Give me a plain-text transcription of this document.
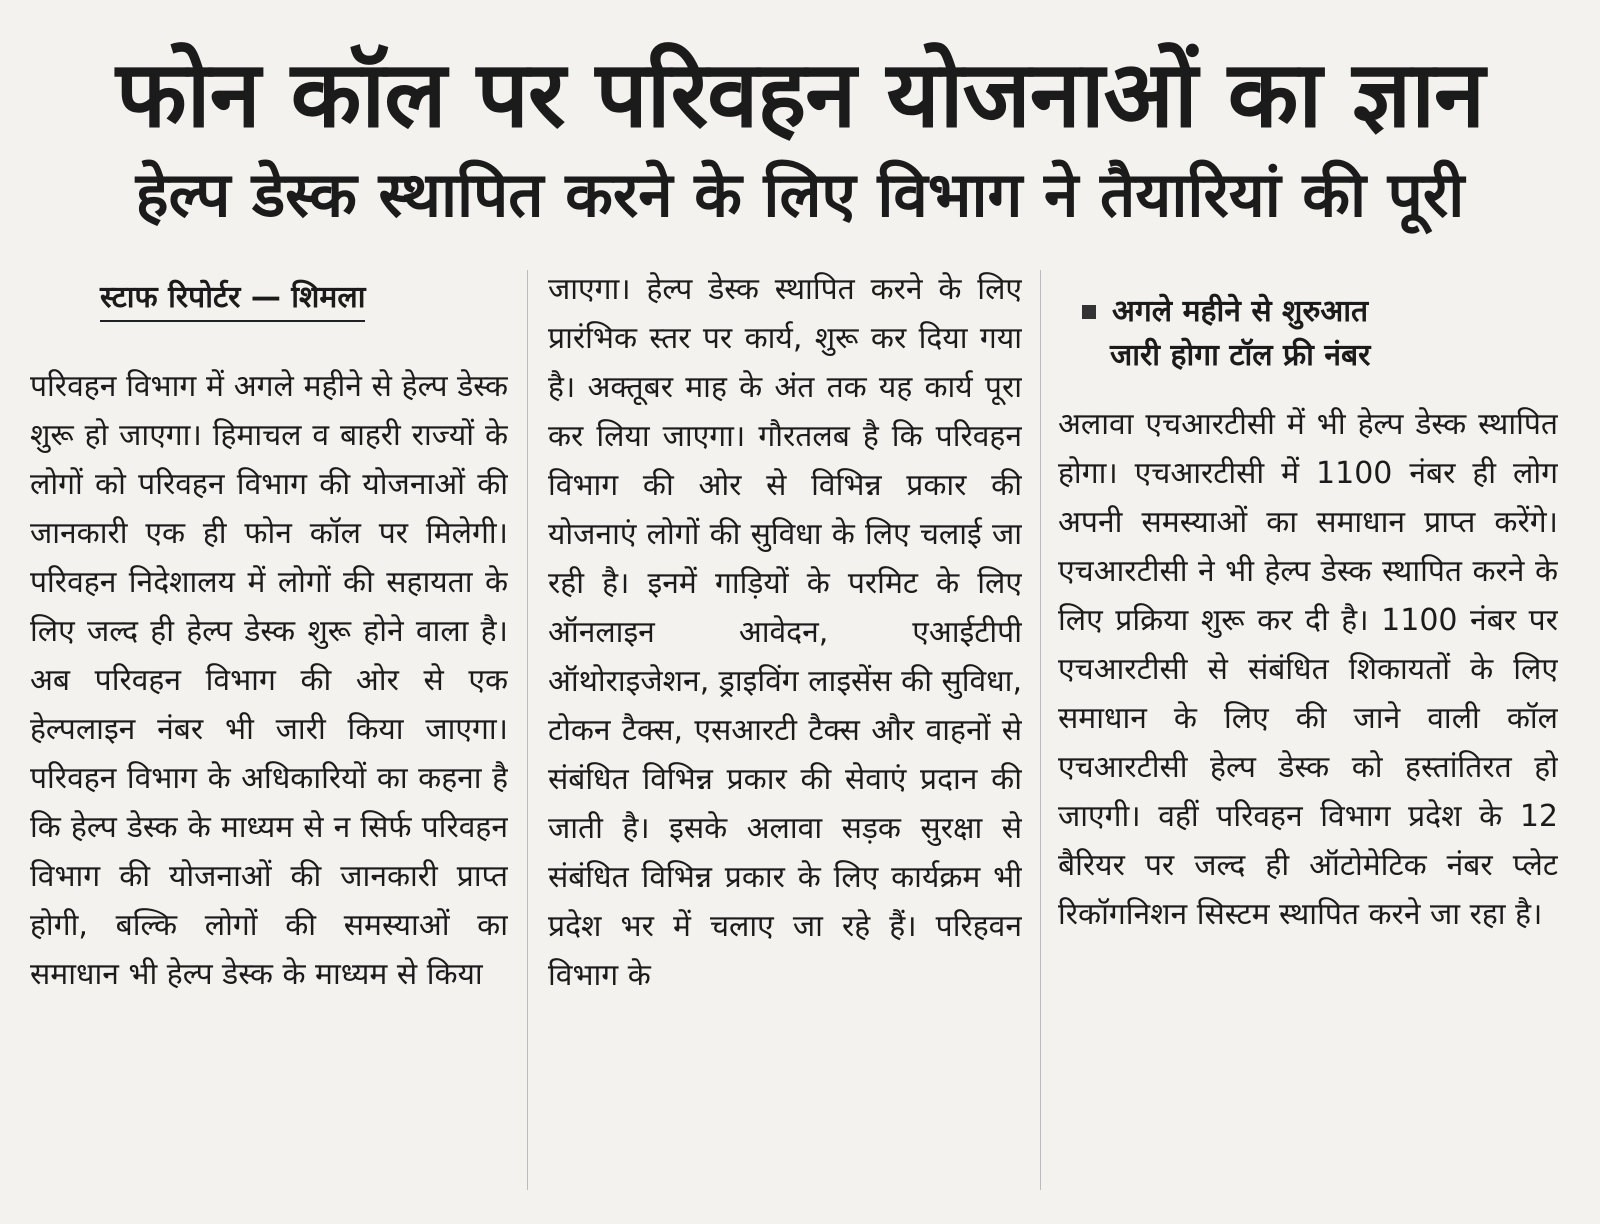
फोन कॉल पर परिवहन योजनाओं का ज्ञान
हेल्प डेस्क स्थापित करने के लिए विभाग ने तैयारियां की पूरी
स्टाफ रिपोर्टर — शिमला
परिवहन विभाग में अगले महीने से हेल्प डेस्क शुरू हो जाएगा। हिमाचल व बाहरी राज्यों के लोगों को परिवहन विभाग की योजनाओं की जानकारी एक ही फोन कॉल पर मिलेगी। परिवहन निदेशालय में लोगों की सहायता के लिए जल्द ही हेल्प डेस्क शुरू होने वाला है। अब परिवहन विभाग की ओर से एक हेल्पलाइन नंबर भी जारी किया जाएगा। परिवहन विभाग के अधिकारियों का कहना है कि हेल्प डेस्क के माध्यम से न सिर्फ परिवहन विभाग की योजनाओं की जानकारी प्राप्त होगी, बल्कि लोगों की समस्याओं का समाधान भी हेल्प डेस्क के माध्यम से किया
जाएगा। हेल्प डेस्क स्थापित करने के लिए प्रारंभिक स्तर पर कार्य, शुरू कर दिया गया है। अक्तूबर माह के अंत तक यह कार्य पूरा कर लिया जाएगा। गौरतलब है कि परिवहन विभाग की ओर से विभिन्न प्रकार की योजनाएं लोगों की सुविधा के लिए चलाई जा रही है। इनमें गाड़ियों के परमिट के लिए ऑनलाइन आवेदन, एआईटीपी ऑथोराइजेशन, ड्राइविंग लाइसेंस की सुविधा, टोकन टैक्स, एसआरटी टैक्स और वाहनों से संबंधित विभिन्न प्रकार की सेवाएं प्रदान की जाती है। इसके अलावा सड़क सुरक्षा से संबंधित विभिन्न प्रकार के लिए कार्यक्रम भी प्रदेश भर में चलाए जा रहे हैं। परिहवन विभाग के
अगले महीने से शुरुआत
जारी होगा टॉल फ्री नंबर
अलावा एचआरटीसी में भी हेल्प डेस्क स्थापित होगा। एचआरटीसी में 1100 नंबर ही लोग अपनी समस्याओं का समाधान प्राप्त करेंगे। एचआरटीसी ने भी हेल्प डेस्क स्थापित करने के लिए प्रक्रिया शुरू कर दी है। 1100 नंबर पर एचआरटीसी से संबंधित शिकायतों के लिए समाधान के लिए की जाने वाली कॉल एचआरटीसी हेल्प डेस्क को हस्तांतिरत हो जाएगी। वहीं परिवहन विभाग प्रदेश के 12 बैरियर पर जल्द ही ऑटोमेटिक नंबर प्लेट रिकॉगनिशन सिस्टम स्थापित करने जा रहा है।
